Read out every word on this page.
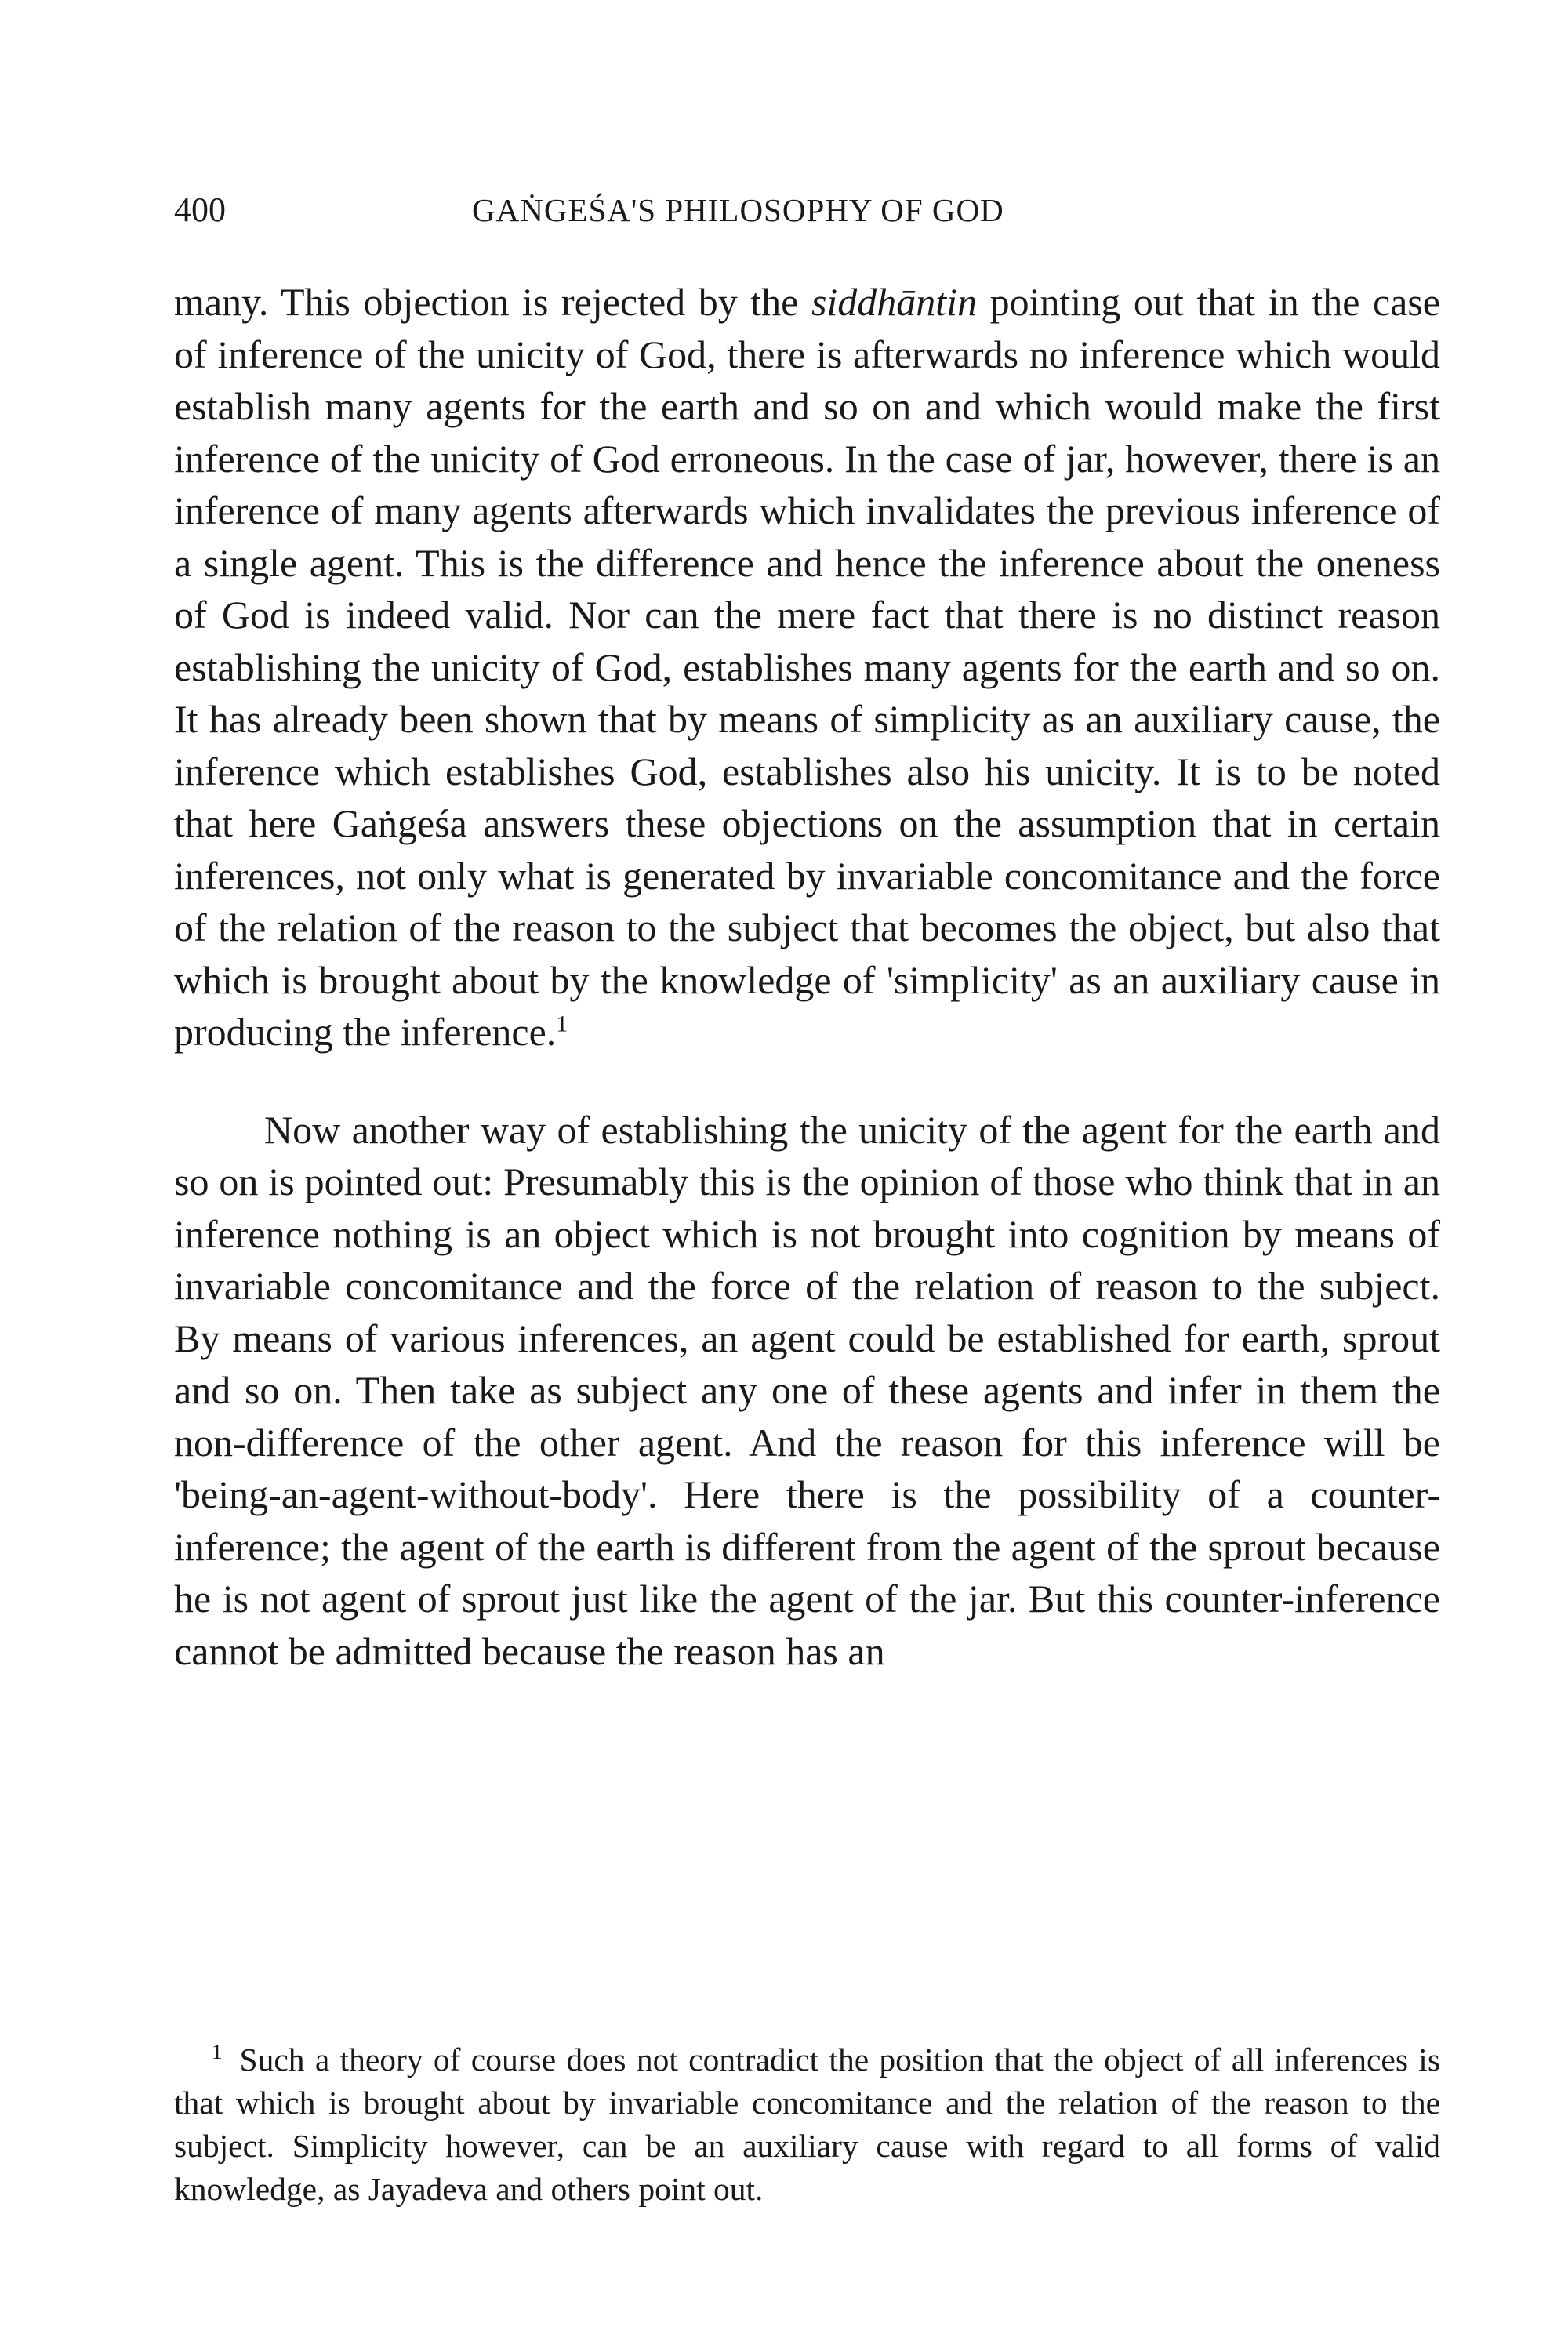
400	GAṄGEŚA'S PHILOSOPHY OF GOD

many. This objection is rejected by the siddhāntin pointing out that in the case of inference of the unicity of God, there is afterwards no inference which would establish many agents for the earth and so on and which would make the first inference of the unicity of God erroneous. In the case of jar, however, there is an inference of many agents afterwards which invalidates the previous inference of a single agent. This is the difference and hence the inference about the oneness of God is indeed valid. Nor can the mere fact that there is no distinct reason establishing the unicity of God, establishes many agents for the earth and so on. It has already been shown that by means of simplicity as an auxiliary cause, the inference which establishes God, establishes also his unicity. It is to be noted that here Gaṅgeśa answers these objections on the assumption that in certain inferences, not only what is generated by invariable concomitance and the force of the relation of the reason to the subject that becomes the object, but also that which is brought about by the knowledge of 'simplicity' as an auxiliary cause in producing the inference.$^1$

Now another way of establishing the unicity of the agent for the earth and so on is pointed out: Presumably this is the opinion of those who think that in an inference nothing is an object which is not brought into cognition by means of invariable concomitance and the force of the relation of reason to the subject. By means of various inferences, an agent could be established for earth, sprout and so on. Then take as subject any one of these agents and infer in them the non-difference of the other agent. And the reason for this inference will be 'being-an-agent-without-body'. Here there is the possibility of a counter-inference; the agent of the earth is different from the agent of the sprout because he is not agent of sprout just like the agent of the jar. But this counter-inference cannot be admitted because the reason has an

$^1$ Such a theory of course does not contradict the position that the object of all inferences is that which is brought about by invariable concomitance and the relation of the reason to the subject. Simplicity however, can be an auxiliary cause with regard to all forms of valid knowledge, as Jayadeva and others point out.
